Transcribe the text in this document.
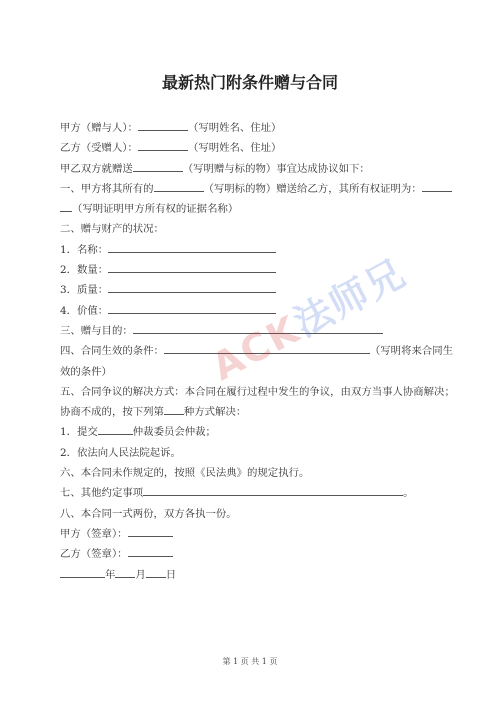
最新热门附条件赠与合同
甲方（赠与人）：	（写明姓名、住址）
乙方（受赠人）：	（写明姓名、住址）
甲乙双方就赠送	（写明赠与标的物）事宜达成协议如下：
一、甲方将其所有的	（写明标的物）赠送给乙方，其所有权证明为：
（写明证明甲方所有权的证据名称）
二、赠与财产的状况：
1．名称：
2．数量：
3．质量：
4．价值：
三、赠与目的：
四、合同生效的条件：	（写明将来合同生
效的条件）
五、合同争议的解决方式：本合同在履行过程中发生的争议，由双方当事人协商解决；
协商不成的，按下列第 种方式解决：
1．提交	仲裁委员会仲裁；
2．依法向人民法院起诉。
六、本合同未作规定的，按照《民法典》的规定执行。
七、其他约定事项	。
八、本合同一式两份，双方各执一份。
甲方（签章）：
乙方（签章）：
年 月 日
ACK法师兄
第 1 页 共 1 页
